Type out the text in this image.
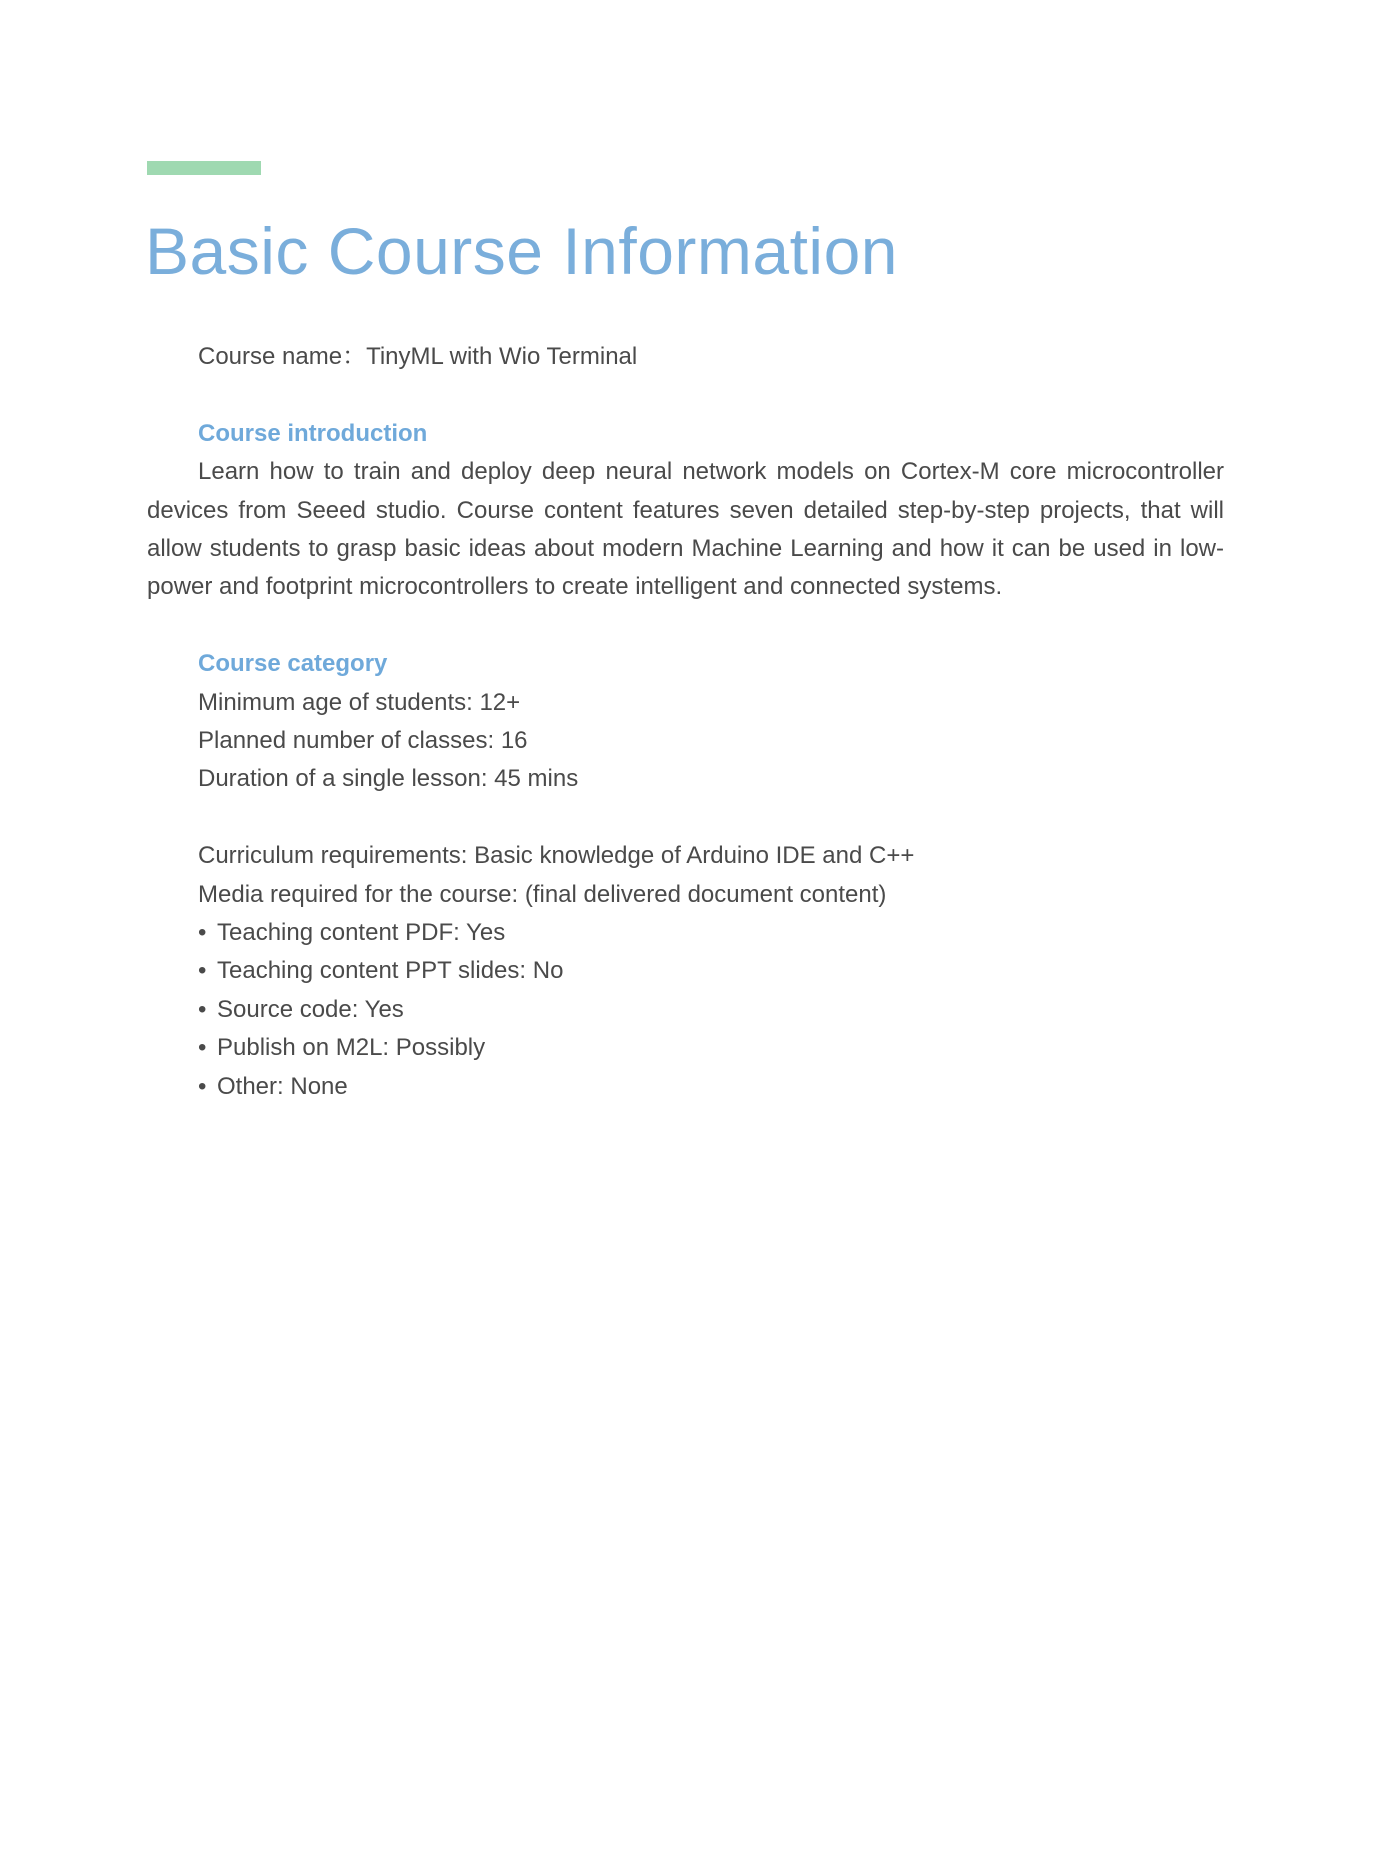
Basic Course Information

Course name：TinyML with Wio Terminal

Course introduction

Learn how to train and deploy deep neural network models on Cortex-M core microcontroller devices from Seeed studio. Course content features seven detailed step-by-step projects, that will allow students to grasp basic ideas about modern Machine Learning and how it can be used in low-power and footprint microcontrollers to create intelligent and connected systems.

Course category

Minimum age of students: 12+

Planned number of classes: 16

Duration of a single lesson: 45 mins

Curriculum requirements: Basic knowledge of Arduino IDE and C++

Media required for the course: (final delivered document content)

• Teaching content PDF: Yes

• Teaching content PPT slides: No

• Source code: Yes

• Publish on M2L: Possibly

• Other: None
